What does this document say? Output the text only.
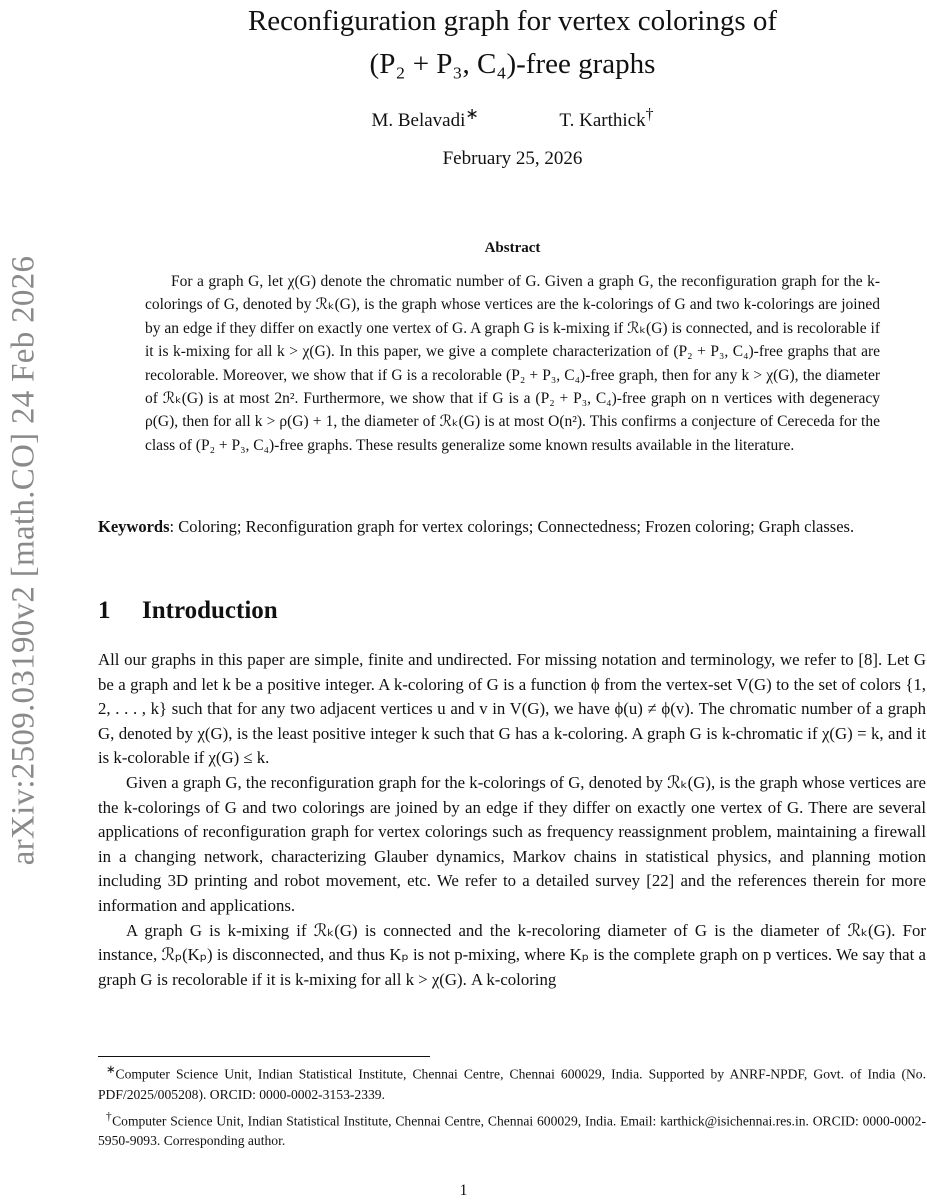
arXiv:2509.03190v2 [math.CO] 24 Feb 2026
Reconfiguration graph for vertex colorings of
(P₂ + P₃, C₄)-free graphs
M. Belavadi∗	T. Karthick†
February 25, 2026
Abstract
For a graph G, let χ(G) denote the chromatic number of G. Given a graph G, the reconfiguration graph for the k-colorings of G, denoted by ℛₖ(G), is the graph whose vertices are the k-colorings of G and two k-colorings are joined by an edge if they differ on exactly one vertex of G. A graph G is k-mixing if ℛₖ(G) is connected, and is recolorable if it is k-mixing for all k > χ(G). In this paper, we give a complete characterization of (P₂ + P₃, C₄)-free graphs that are recolorable. Moreover, we show that if G is a recolorable (P₂ + P₃, C₄)-free graph, then for any k > χ(G), the diameter of ℛₖ(G) is at most 2n². Furthermore, we show that if G is a (P₂ + P₃, C₄)-free graph on n vertices with degeneracy ρ(G), then for all k > ρ(G) + 1, the diameter of ℛₖ(G) is at most O(n²). This confirms a conjecture of Cereceda for the class of (P₂ + P₃, C₄)-free graphs. These results generalize some known results available in the literature.
Keywords: Coloring; Reconfiguration graph for vertex colorings; Connectedness; Frozen coloring; Graph classes.
1 Introduction

All our graphs in this paper are simple, finite and undirected. For missing notation and terminology, we refer to [8]. Let G be a graph and let k be a positive integer. A k-coloring of G is a function ϕ from the vertex-set V(G) to the set of colors {1, 2, . . . , k} such that for any two adjacent vertices u and v in V(G), we have ϕ(u) ≠ ϕ(v). The chromatic number of a graph G, denoted by χ(G), is the least positive integer k such that G has a k-coloring. A graph G is k-chromatic if χ(G) = k, and it is k-colorable if χ(G) ≤ k.

Given a graph G, the reconfiguration graph for the k-colorings of G, denoted by ℛₖ(G), is the graph whose vertices are the k-colorings of G and two colorings are joined by an edge if they differ on exactly one vertex of G. There are several applications of reconfiguration graph for vertex colorings such as frequency reassignment problem, maintaining a firewall in a changing network, characterizing Glauber dynamics, Markov chains in statistical physics, and planning motion including 3D printing and robot movement, etc. We refer to a detailed survey [22] and the references therein for more information and applications.

A graph G is k-mixing if ℛₖ(G) is connected and the k-recoloring diameter of G is the diameter of ℛₖ(G). For instance, ℛₚ(Kₚ) is disconnected, and thus Kₚ is not p-mixing, where Kₚ is the complete graph on p vertices. We say that a graph G is recolorable if it is k-mixing for all k > χ(G). A k-coloring

∗Computer Science Unit, Indian Statistical Institute, Chennai Centre, Chennai 600029, India. Supported by ANRF-NPDF, Govt. of India (No. PDF/2025/005208). ORCID: 0000-0002-3153-2339.

†Computer Science Unit, Indian Statistical Institute, Chennai Centre, Chennai 600029, India. Email: karthick@isichennai.res.in. ORCID: 0000-0002-5950-9093. Corresponding author.

1
